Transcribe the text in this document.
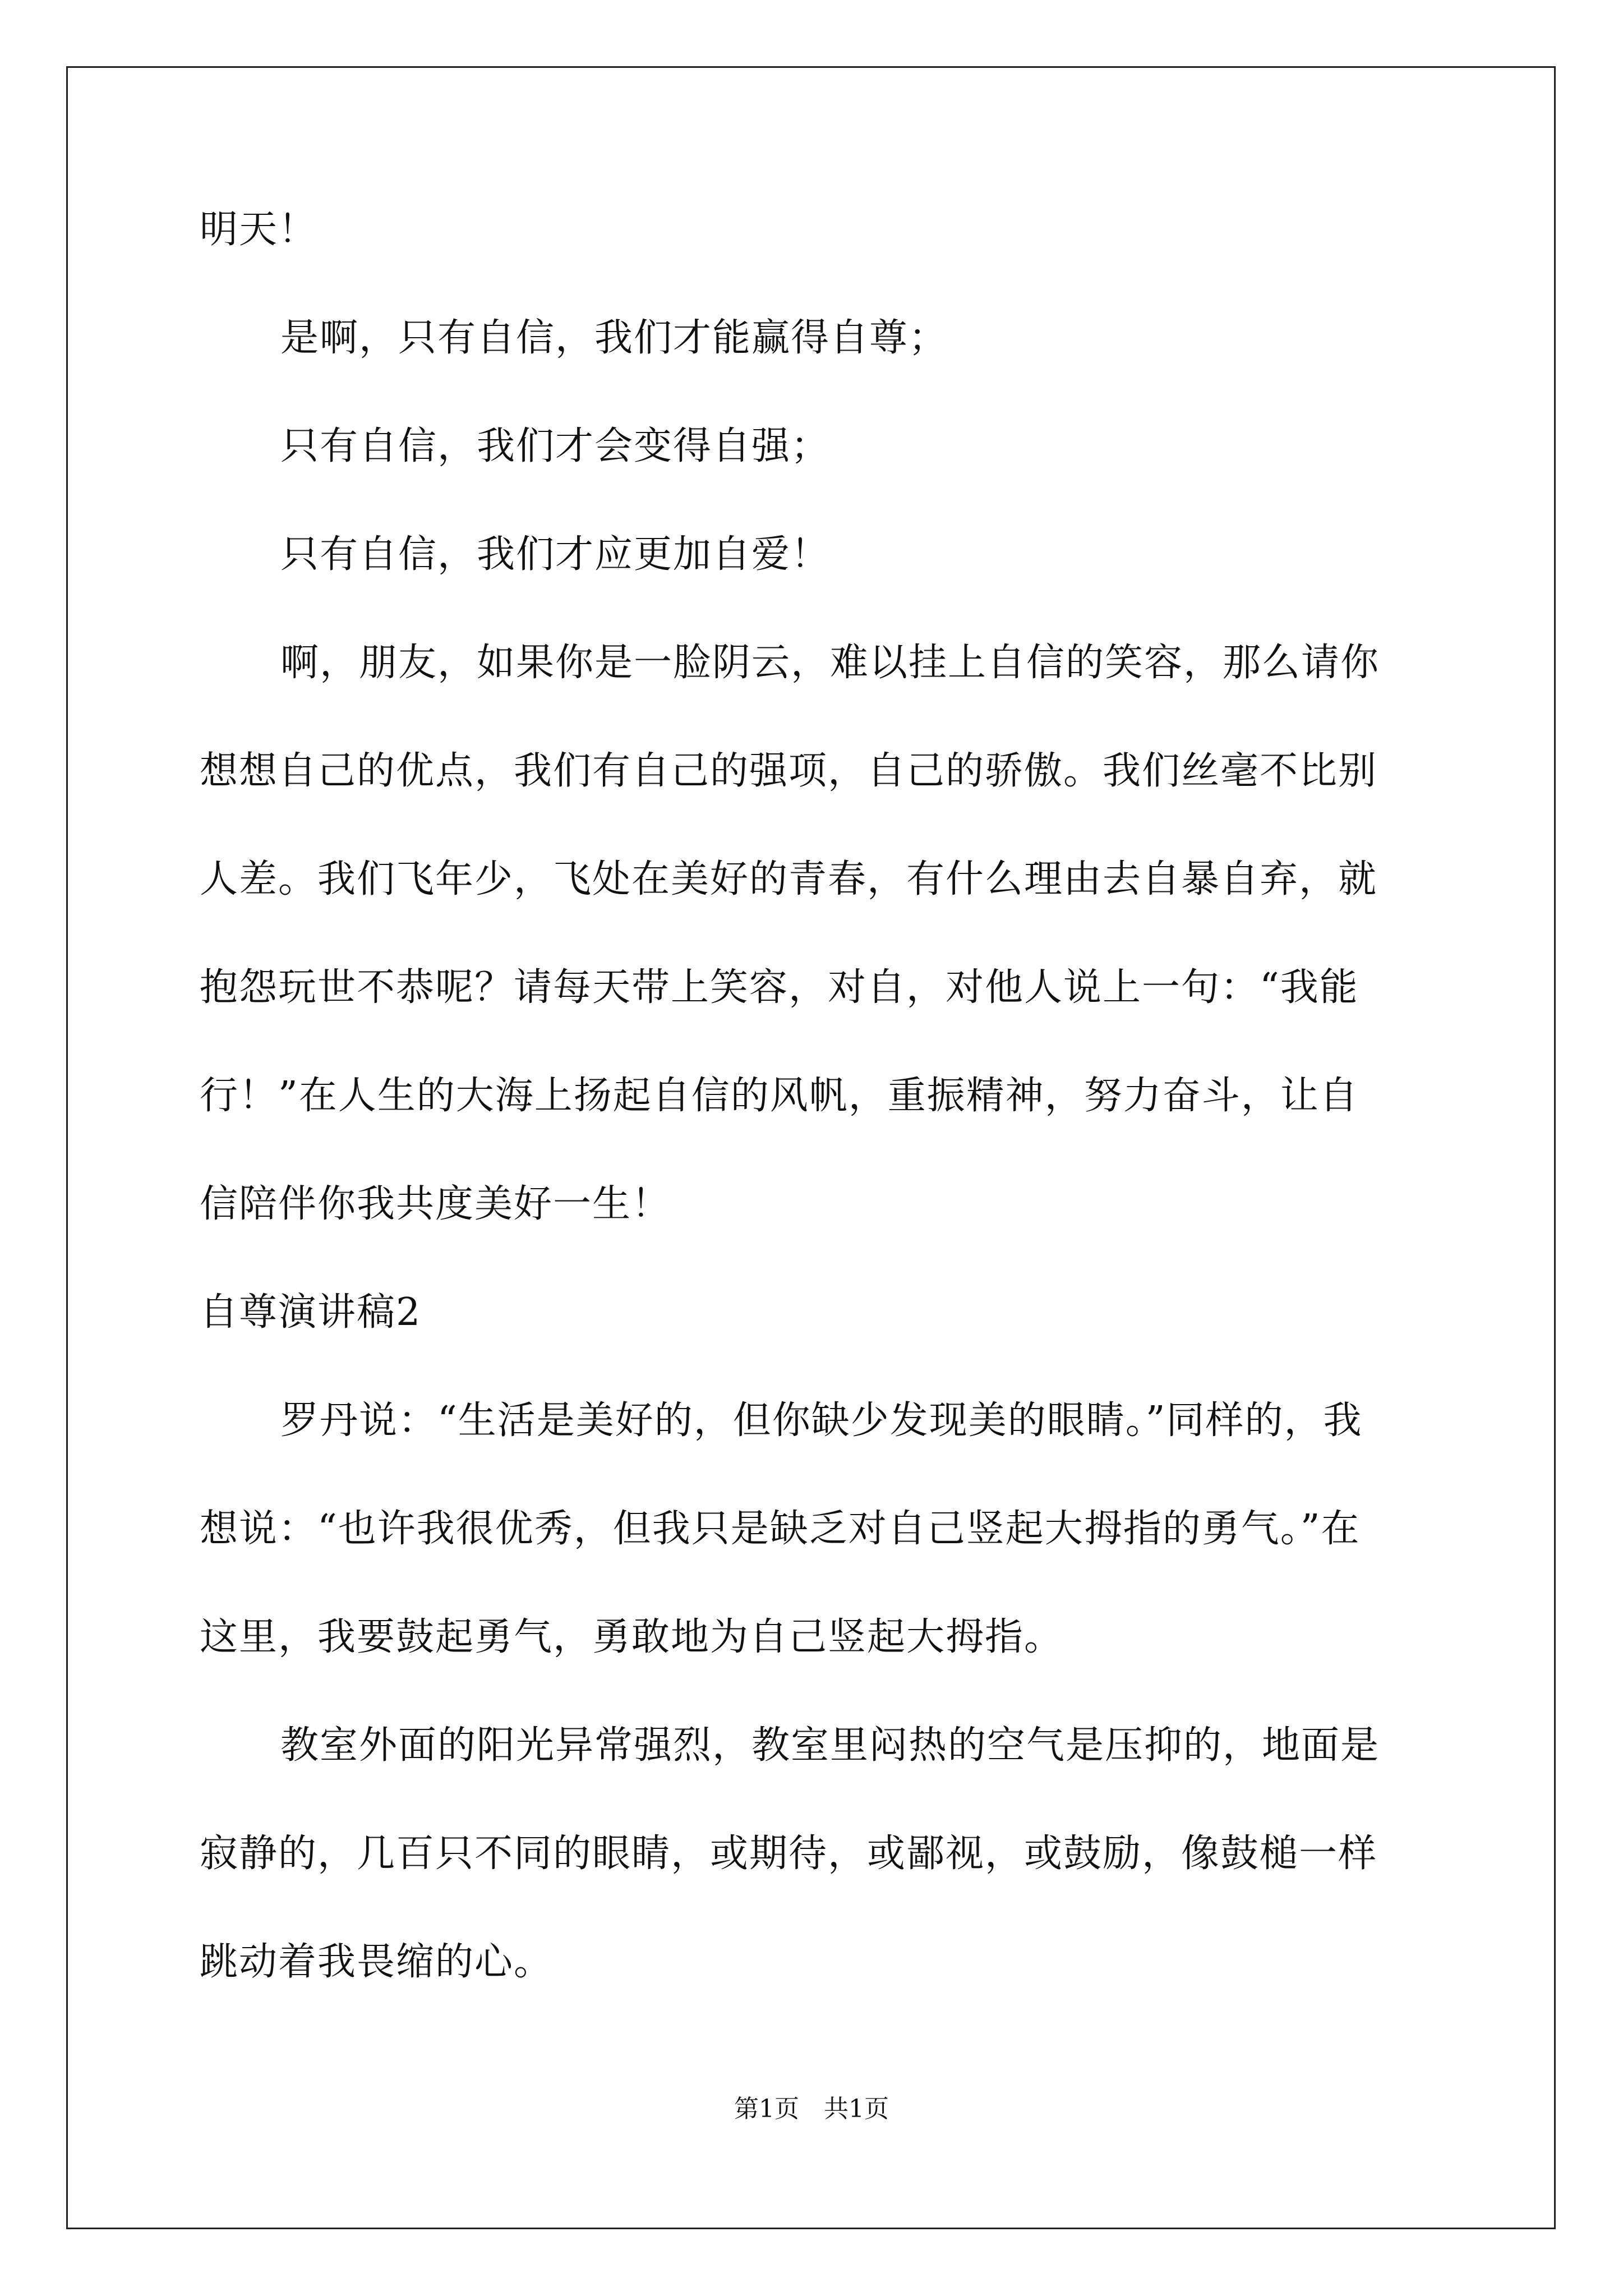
明天！
是啊，只有自信，我们才能赢得自尊；
只有自信，我们才会变得自强；
只有自信，我们才应更加自爱！
啊，朋友，如果你是一脸阴云，难以挂上自信的笑容，那么请你
想想自己的优点，我们有自己的强项，自己的骄傲。我们丝毫不比别
人差。我们飞年少，飞处在美好的青春，有什么理由去自暴自弃，就
抱怨玩世不恭呢？请每天带上笑容，对自，对他人说上一句：“我能
行！”在人生的大海上扬起自信的风帆，重振精神，努力奋斗，让自
信陪伴你我共度美好一生！
自尊演讲稿2
罗丹说：“生活是美好的，但你缺少发现美的眼睛。”同样的，我
想说：“也许我很优秀，但我只是缺乏对自己竖起大拇指的勇气。”在
这里，我要鼓起勇气，勇敢地为自己竖起大拇指。
教室外面的阳光异常强烈，教室里闷热的空气是压抑的，地面是
寂静的，几百只不同的眼睛，或期待，或鄙视，或鼓励，像鼓槌一样
跳动着我畏缩的心。
第1页　共1页
